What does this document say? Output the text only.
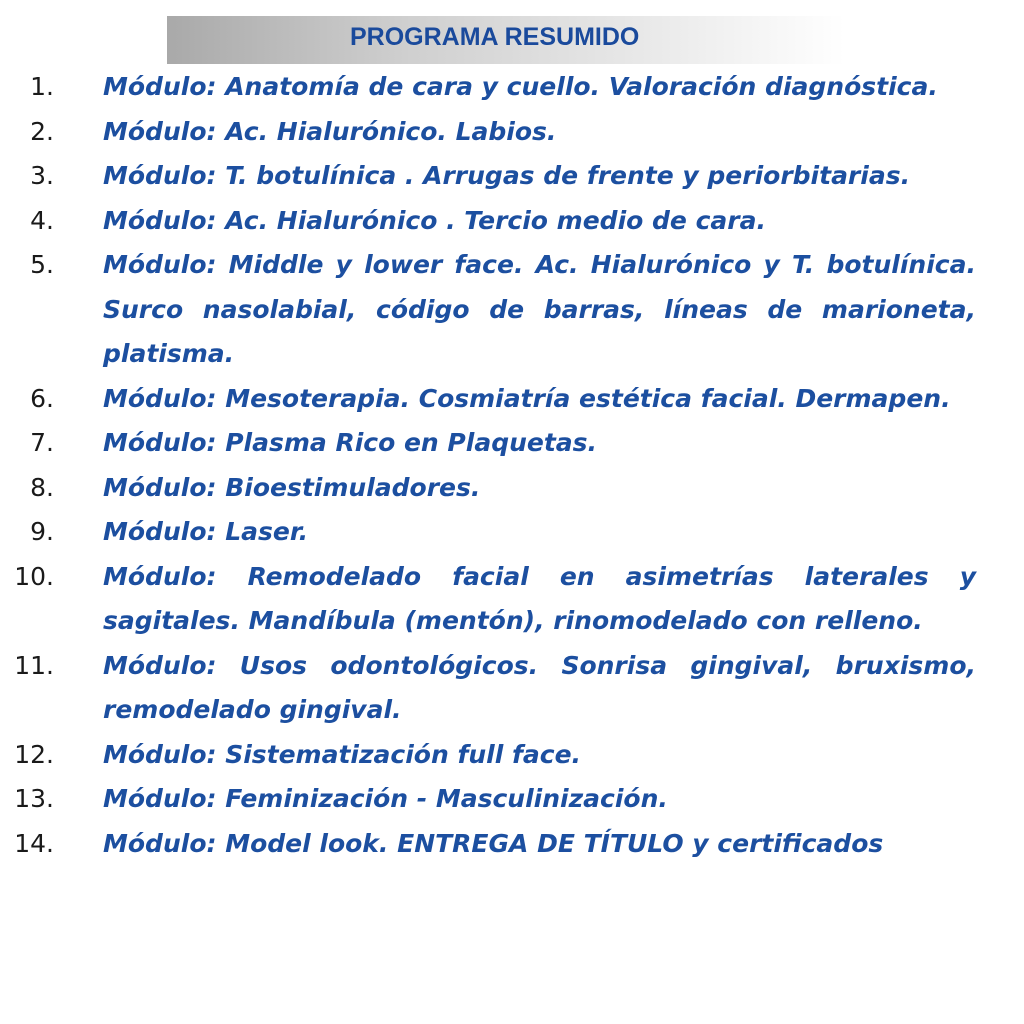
PROGRAMA RESUMIDO
1. Módulo: Anatomía de cara y cuello. Valoración diagnóstica.
2. Módulo: Ac. Hialurónico. Labios.
3. Módulo: T. botulínica . Arrugas de frente y periorbitarias.
4. Módulo: Ac. Hialurónico . Tercio medio de cara.
5. Módulo: Middle y lower face. Ac. Hialurónico y T. botulínica. Surco nasolabial, código de barras, líneas de marioneta, platisma.
6. Módulo: Mesoterapia. Cosmiatría estética facial. Dermapen.
7. Módulo: Plasma Rico en Plaquetas.
8. Módulo: Bioestimuladores.
9. Módulo: Laser.
10. Módulo: Remodelado facial en asimetrías laterales y sagitales. Mandíbula (mentón), rinomodelado con relleno.
11. Módulo: Usos odontológicos. Sonrisa gingival, bruxismo, remodelado gingival.
12. Módulo: Sistematización full face.
13. Módulo: Feminización - Masculinización.
14. Módulo: Model look. ENTREGA DE TÍTULO y certificados
